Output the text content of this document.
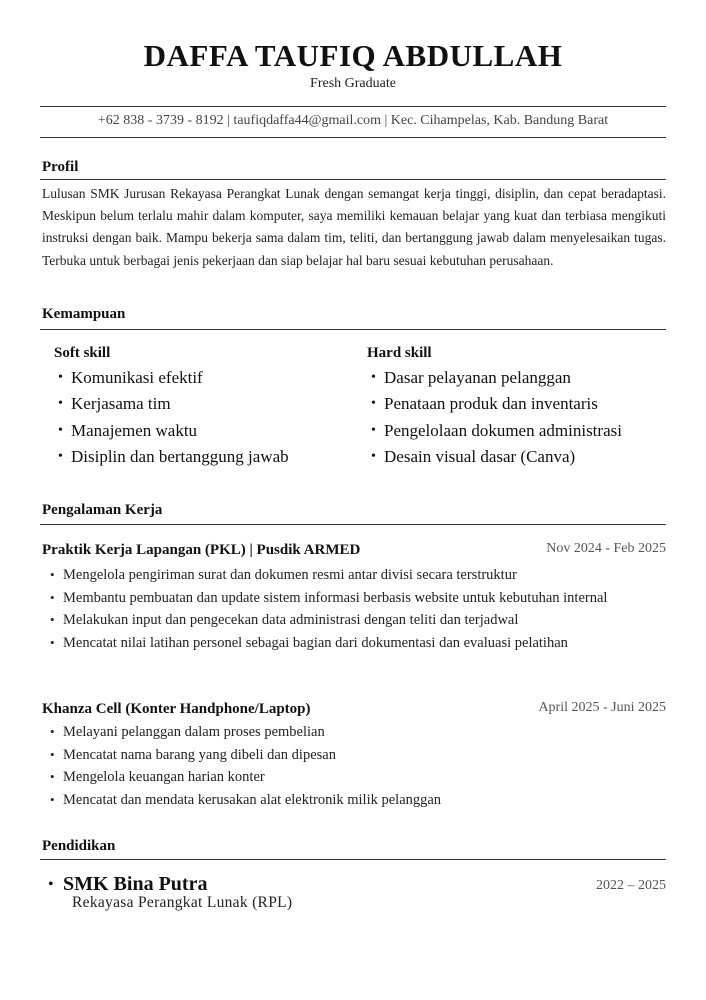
DAFFA TAUFIQ ABDULLAH
Fresh Graduate
+62 838 - 3739 - 8192 | taufiqdaffa44@gmail.com | Kec. Cihampelas, Kab. Bandung Barat
Profil
Lulusan SMK Jurusan Rekayasa Perangkat Lunak dengan semangat kerja tinggi, disiplin, dan cepat beradaptasi. Meskipun belum terlalu mahir dalam komputer, saya memiliki kemauan belajar yang kuat dan terbiasa mengikuti instruksi dengan baik. Mampu bekerja sama dalam tim, teliti, dan bertanggung jawab dalam menyelesaikan tugas. Terbuka untuk berbagai jenis pekerjaan dan siap belajar hal baru sesuai kebutuhan perusahaan.
Kemampuan
Soft skill
• Komunikasi efektif
• Kerjasama tim
• Manajemen waktu
• Disiplin dan bertanggung jawab
Hard skill
• Dasar pelayanan pelanggan
• Penataan produk dan inventaris
• Pengelolaan dokumen administrasi
• Desain visual dasar (Canva)
Pengalaman Kerja
Praktik Kerja Lapangan (PKL) | Pusdik ARMED	Nov 2024 - Feb 2025
• Mengelola pengiriman surat dan dokumen resmi antar divisi secara terstruktur
• Membantu pembuatan dan update sistem informasi berbasis website untuk kebutuhan internal
• Melakukan input dan pengecekan data administrasi dengan teliti dan terjadwal
• Mencatat nilai latihan personel sebagai bagian dari dokumentasi dan evaluasi pelatihan
Khanza Cell (Konter Handphone/Laptop)	April 2025 - Juni 2025
• Melayani pelanggan dalam proses pembelian
• Mencatat nama barang yang dibeli dan dipesan
• Mengelola keuangan harian konter
• Mencatat dan mendata kerusakan alat elektronik milik pelanggan
Pendidikan
• SMK Bina Putra
Rekayasa Perangkat Lunak (RPL)
2022 – 2025
